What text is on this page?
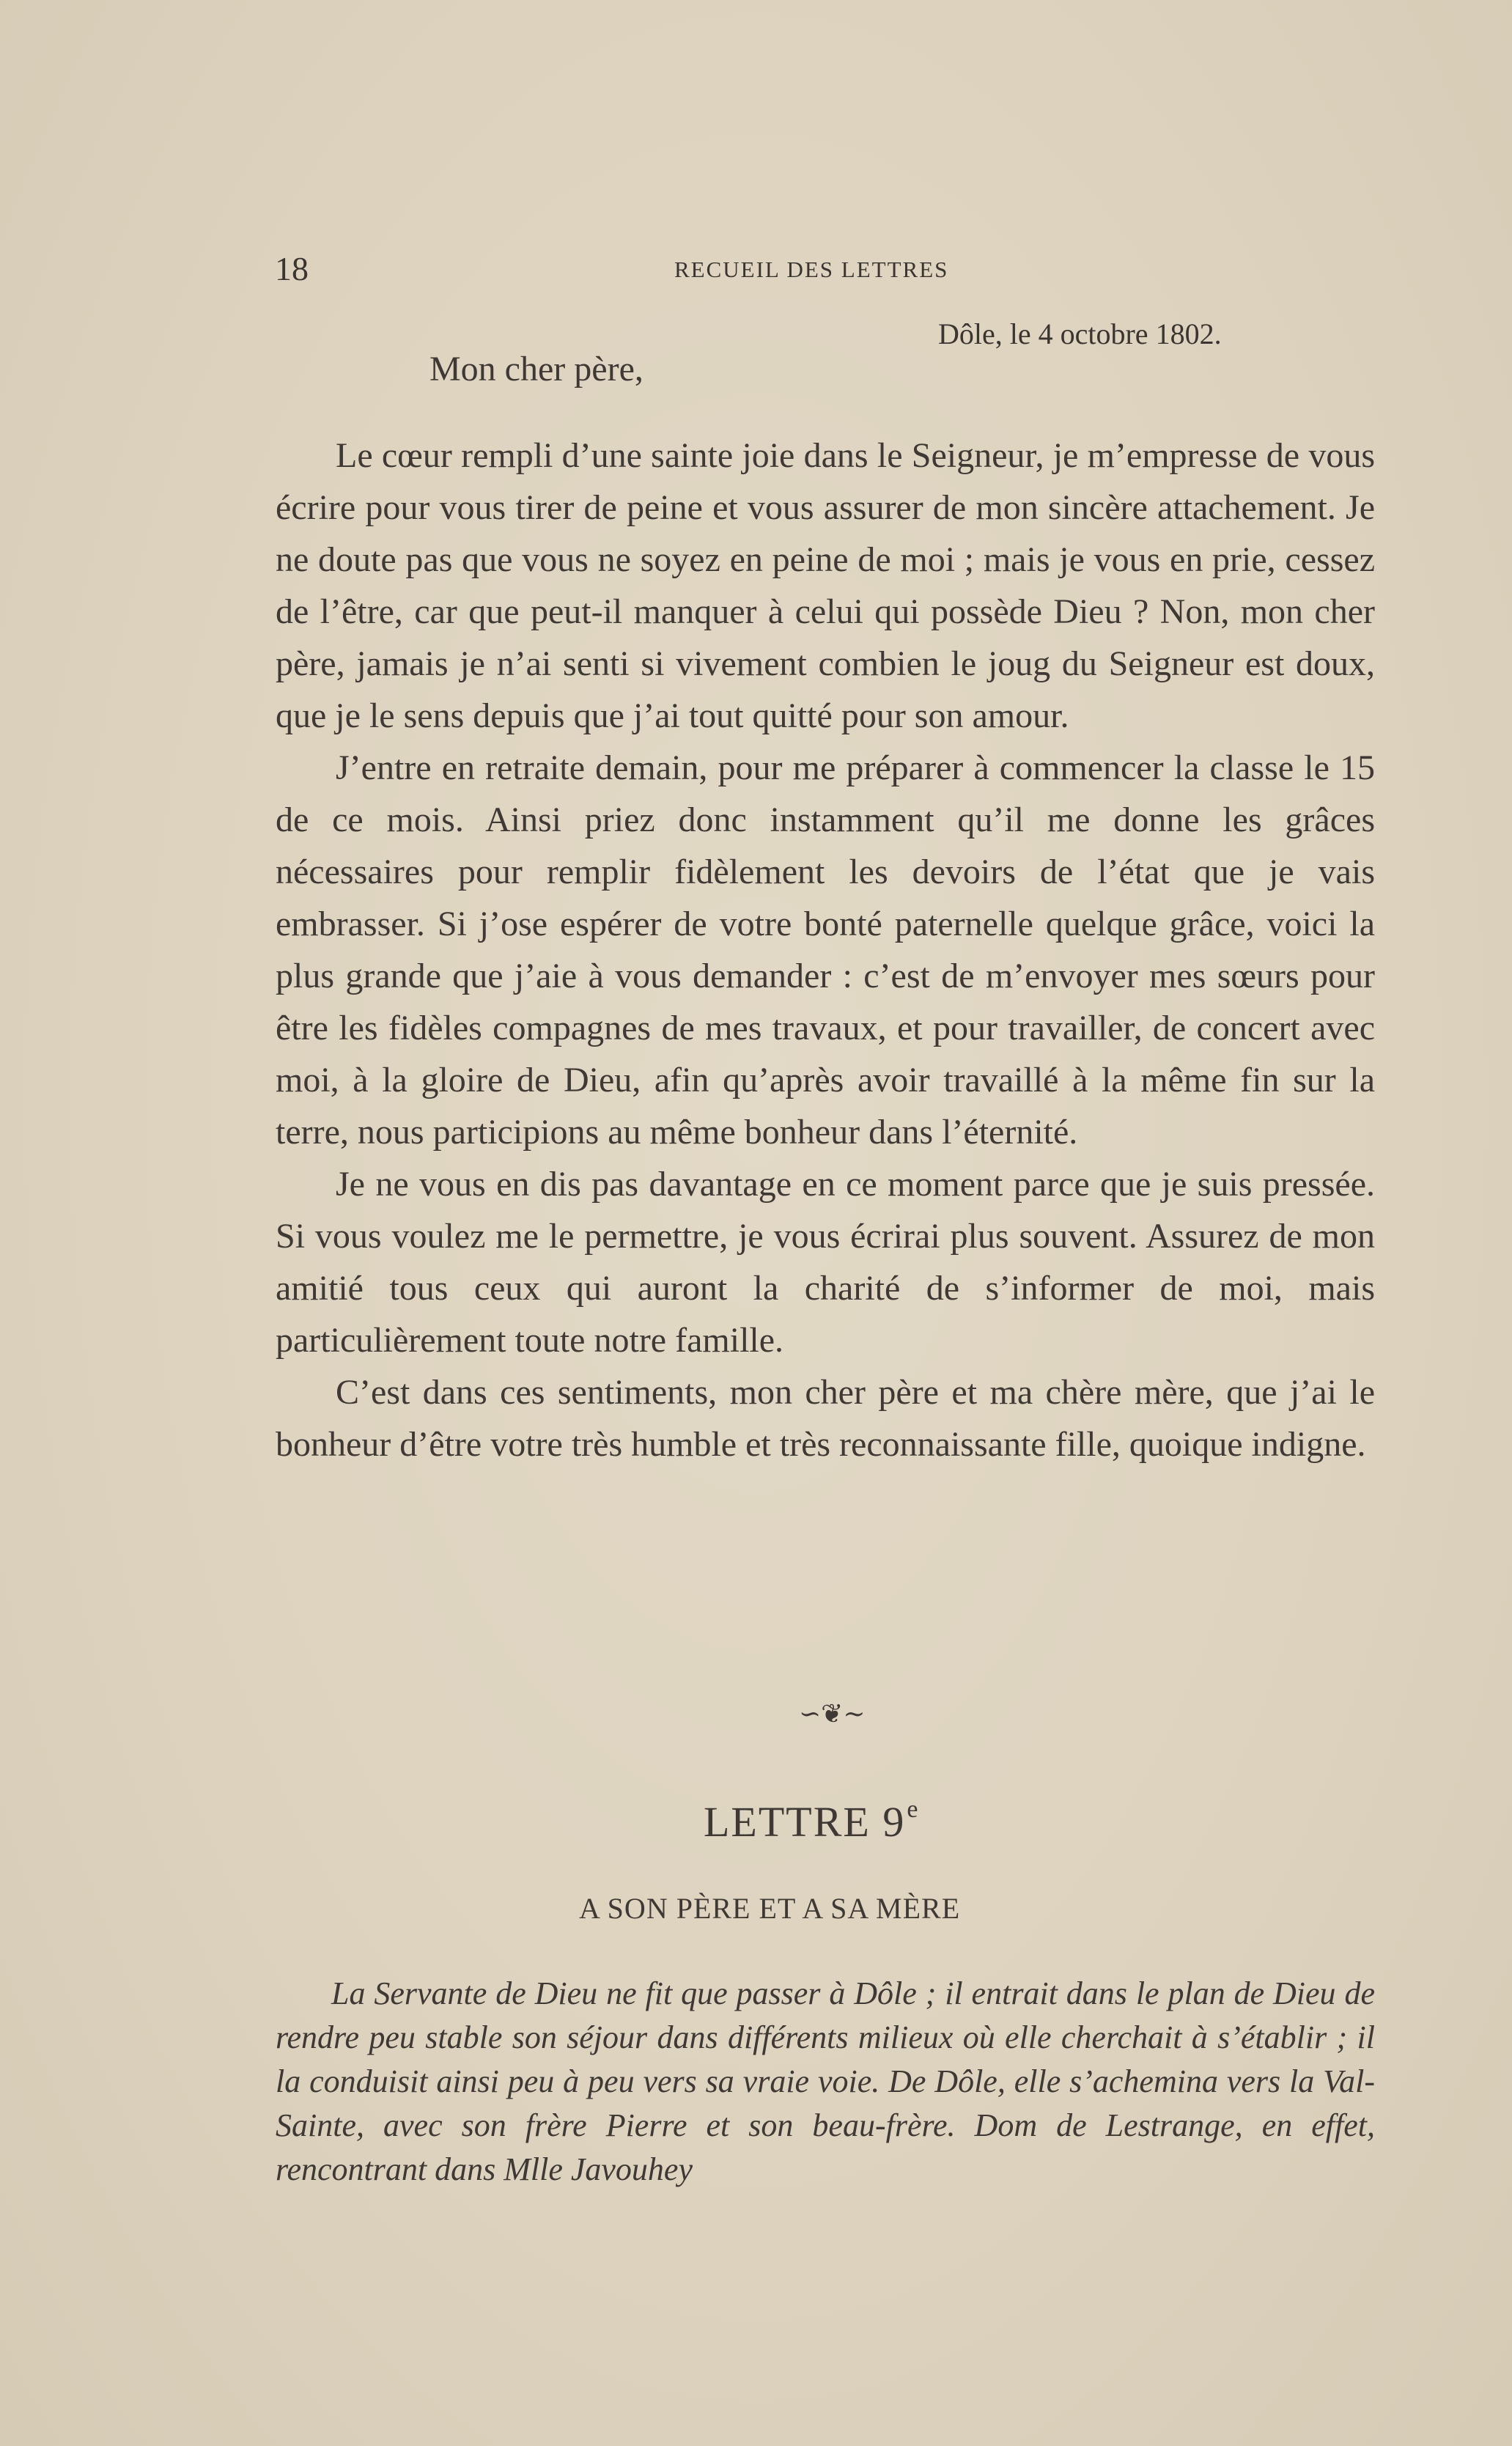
18	RECUEIL DES LETTRES
Dôle, le 4 octobre 1802.
Mon cher père,

Le cœur rempli d’une sainte joie dans le Seigneur, je m’empresse de vous écrire pour vous tirer de peine et vous assurer de mon sincère attachement. Je ne doute pas que vous ne soyez en peine de moi ; mais je vous en prie, cessez de l’être, car que peut-il manquer à celui qui possède Dieu ? Non, mon cher père, jamais je n’ai senti si vivement combien le joug du Seigneur est doux, que je le sens depuis que j’ai tout quitté pour son amour.

J’entre en retraite demain, pour me préparer à commencer la classe le 15 de ce mois. Ainsi priez donc instamment qu’il me donne les grâces nécessaires pour remplir fidèlement les devoirs de l’état que je vais embrasser. Si j’ose espérer de votre bonté paternelle quelque grâce, voici la plus grande que j’aie à vous demander : c’est de m’envoyer mes sœurs pour être les fidèles compagnes de mes travaux, et pour travailler, de concert avec moi, à la gloire de Dieu, afin qu’après avoir travaillé à la même fin sur la terre, nous participions au même bonheur dans l’éternité.

Je ne vous en dis pas davantage en ce moment parce que je suis pressée. Si vous voulez me le permettre, je vous écrirai plus souvent. Assurez de mon amitié tous ceux qui auront la charité de s’informer de moi, mais particulièrement toute notre famille.

C’est dans ces sentiments, mon cher père et ma chère mère, que j’ai le bonheur d’être votre très humble et très reconnaissante fille, quoique indigne.

∽❦∼
LETTRE 9e
A SON PÈRE ET A SA MÈRE

La Servante de Dieu ne fit que passer à Dôle ; il entrait dans le plan de Dieu de rendre peu stable son séjour dans différents milieux où elle cherchait à s’établir ; il la conduisit ainsi peu à peu vers sa vraie voie. De Dôle, elle s’achemina vers la Val-Sainte, avec son frère Pierre et son beau-frère. Dom de Lestrange, en effet, rencontrant dans Mlle Javouhey
